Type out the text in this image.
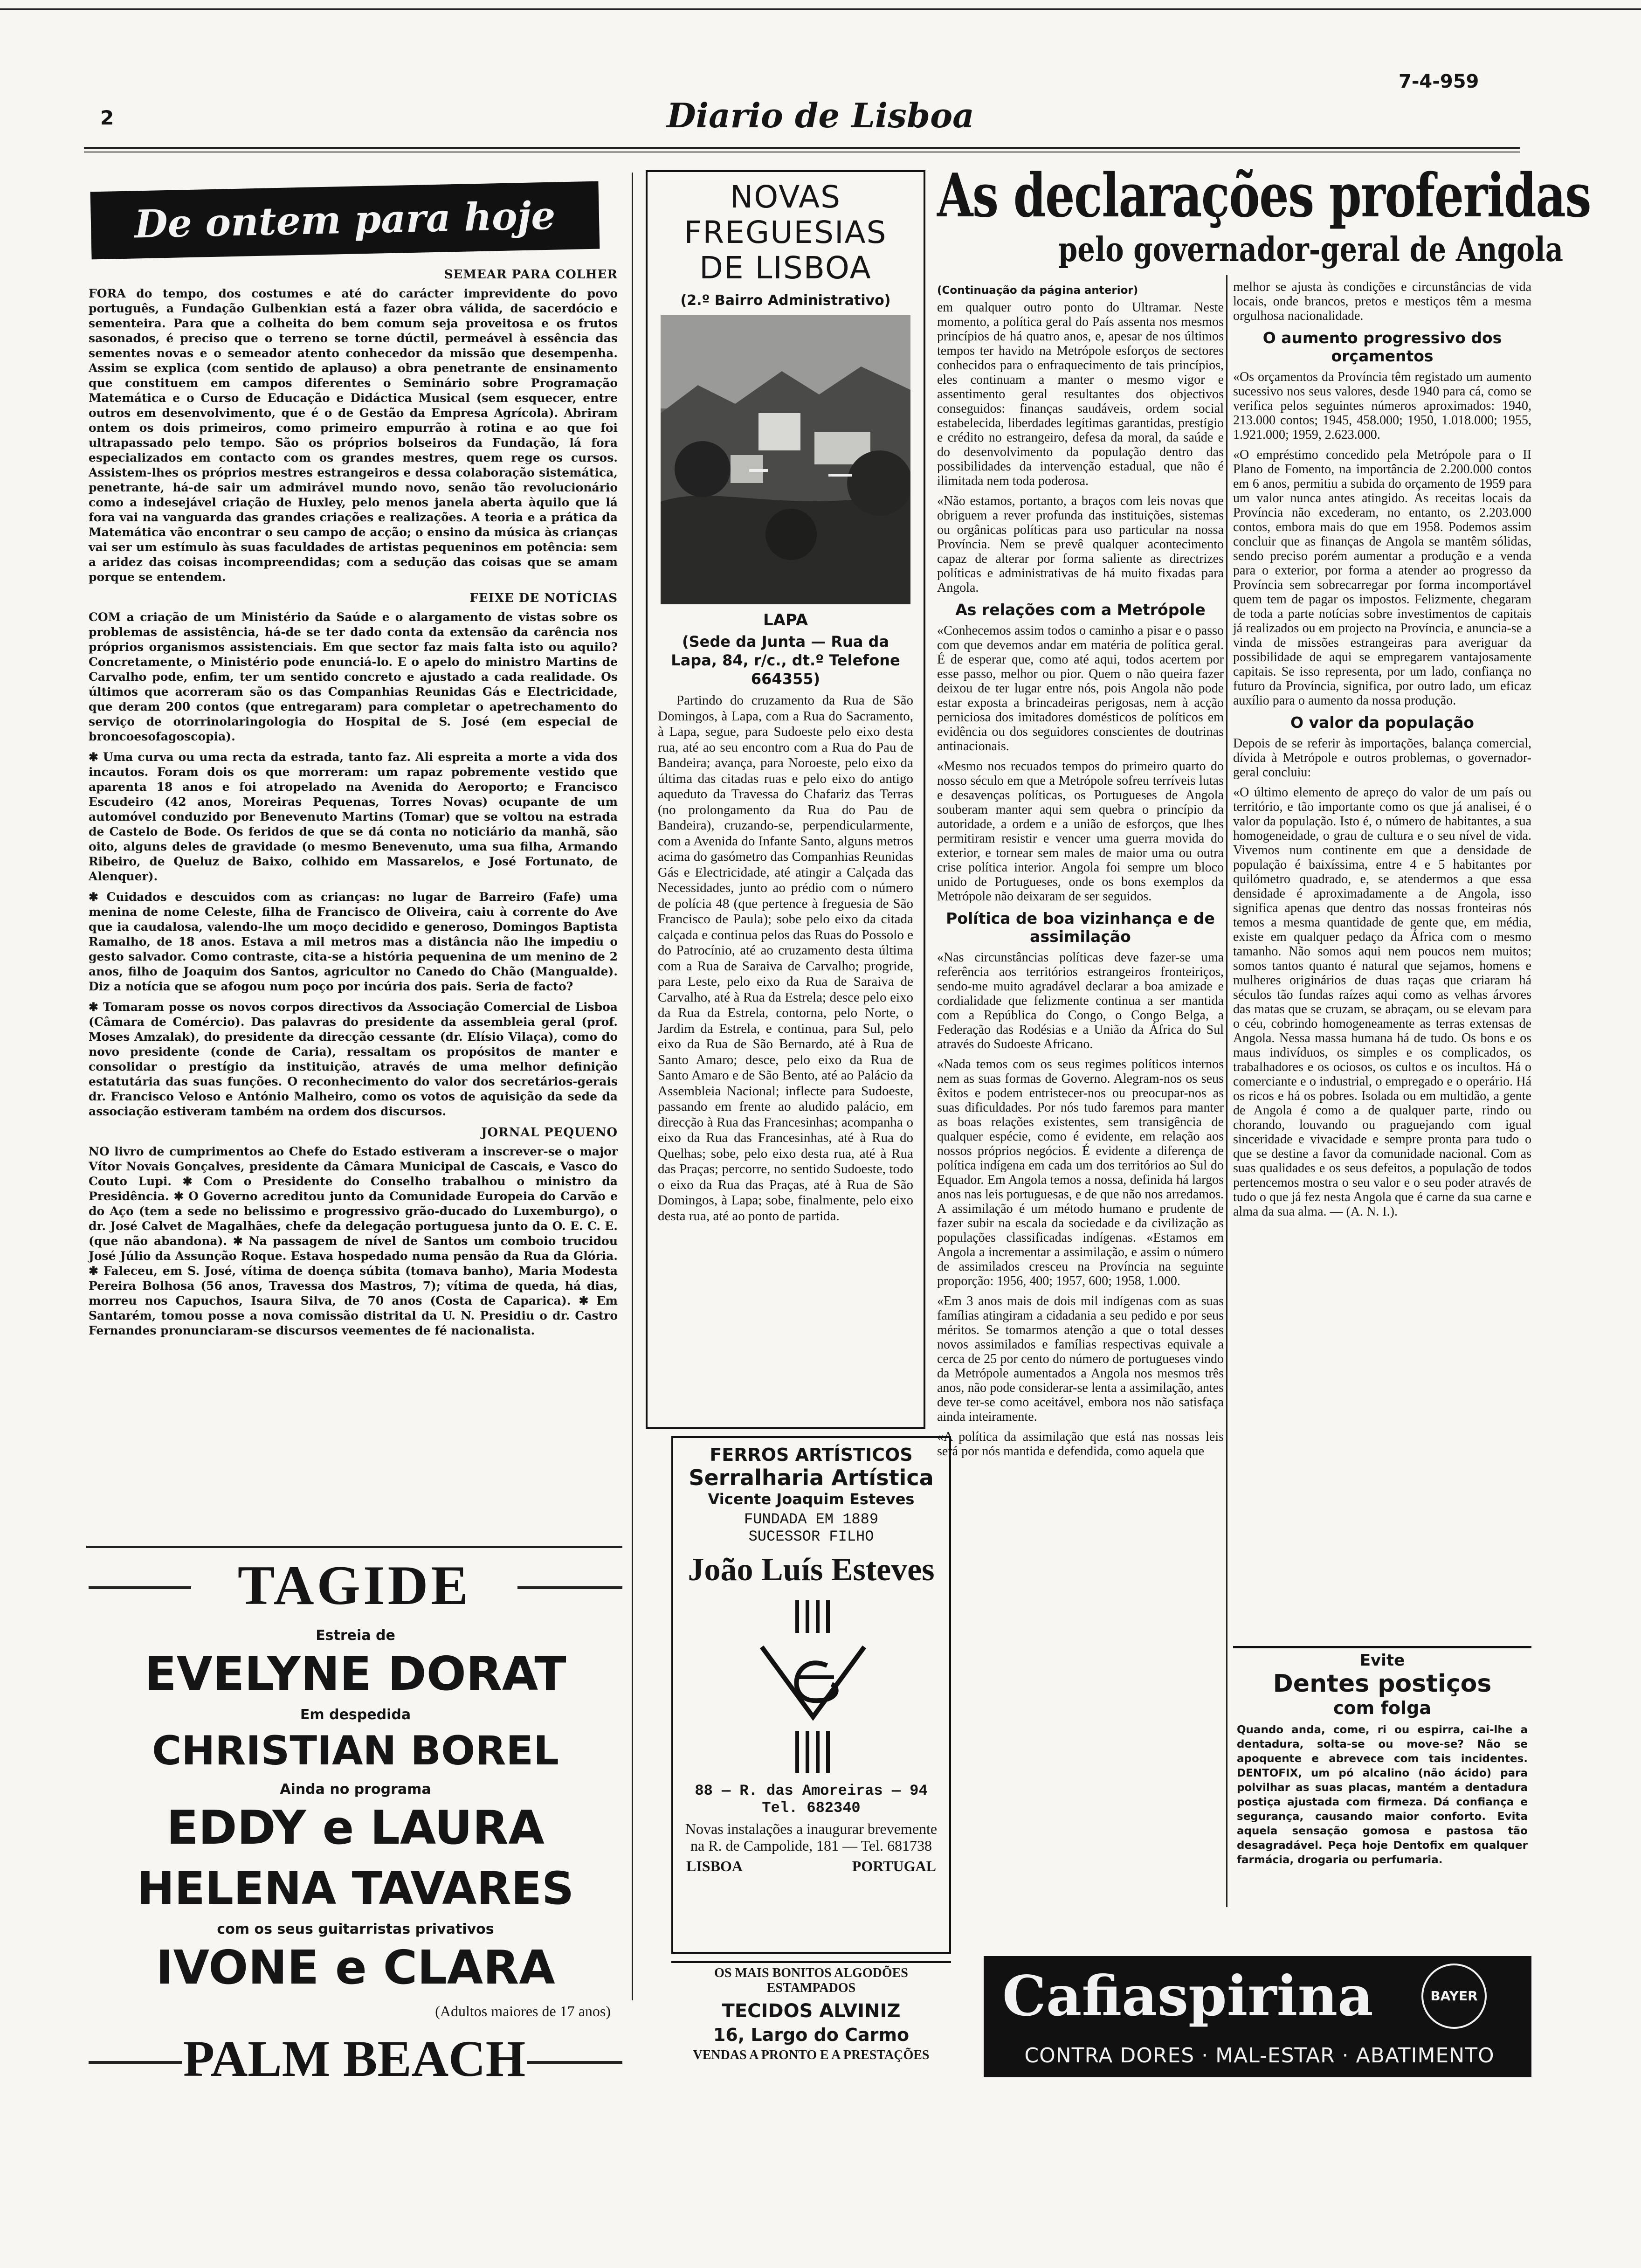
2	Diario de Lisboa
7-4-959
De ontem para hoje
SEMEAR PARA COLHER

FORA do tempo, dos costumes e até do carácter imprevidente do povo português, a Fundação Gulbenkian está a fazer obra válida, de sacerdócio e sementeira. Para que a colheita do bem comum seja proveitosa e os frutos sasonados, é preciso que o terreno se torne dúctil, permeável à essência das sementes novas e o semeador atento conhecedor da missão que desempenha. Assim se explica (com sentido de aplauso) a obra penetrante de ensinamento que constituem em campos diferentes o Seminário sobre Programação Matemática e o Curso de Educação e Didáctica Musical (sem esquecer, entre outros em desenvolvimento, que é o de Gestão da Empresa Agrícola). Abriram ontem os dois primeiros, como primeiro empurrão à rotina e ao que foi ultrapassado pelo tempo. São os próprios bolseiros da Fundação, lá fora especializados em contacto com os grandes mestres, quem rege os cursos. Assistem-lhes os próprios mestres estrangeiros e dessa colaboração sistemática, penetrante, há-de sair um admirável mundo novo, senão tão revolucionário como a indesejável criação de Huxley, pelo menos janela aberta àquilo que lá fora vai na vanguarda das grandes criações e realizações. A teoria e a prática da Matemática vão encontrar o seu campo de acção; o ensino da música às crianças vai ser um estímulo às suas faculdades de artistas pequeninos em potência: sem a aridez das coisas incompreendidas; com a sedução das coisas que se amam porque se entendem.

FEIXE DE NOTÍCIAS

COM a criação de um Ministério da Saúde e o alargamento de vistas sobre os problemas de assistência, há-de se ter dado conta da extensão da carência nos próprios organismos assistenciais. Em que sector faz mais falta isto ou aquilo? Concretamente, o Ministério pode enunciá-lo. E o apelo do ministro Martins de Carvalho pode, enfim, ter um sentido concreto e ajustado a cada realidade. Os últimos que acorreram são os das Companhias Reunidas Gás e Electricidade, que deram 200 contos (que entregaram) para completar o apetrechamento do serviço de otorrinolaringologia do Hospital de S. José (em especial de broncoesofagoscopia).

✱ Uma curva ou uma recta da estrada, tanto faz. Ali espreita a morte a vida dos incautos. Foram dois os que morreram: um rapaz pobremente vestido que aparenta 18 anos e foi atropelado na Avenida do Aeroporto; e Francisco Escudeiro (42 anos, Moreiras Pequenas, Torres Novas) ocupante de um automóvel conduzido por Benevenuto Martins (Tomar) que se voltou na estrada de Castelo de Bode. Os feridos de que se dá conta no noticiário da manhã, são oito, alguns deles de gravidade (o mesmo Benevenuto, uma sua filha, Armando Ribeiro, de Queluz de Baixo, colhido em Massarelos, e José Fortunato, de Alenquer).

✱ Cuidados e descuidos com as crianças: no lugar de Barreiro (Fafe) uma menina de nome Celeste, filha de Francisco de Oliveira, caiu à corrente do Ave que ia caudalosa, valendo-lhe um moço decidido e generoso, Domingos Baptista Ramalho, de 18 anos. Estava a mil metros mas a distância não lhe impediu o gesto salvador. Como contraste, cita-se a história pequenina de um menino de 2 anos, filho de Joaquim dos Santos, agricultor no Canedo do Chão (Mangualde). Diz a notícia que se afogou num poço por incúria dos pais. Seria de facto?

✱ Tomaram posse os novos corpos directivos da Associação Comercial de Lisboa (Câmara de Comércio). Das palavras do presidente da assembleia geral (prof. Moses Amzalak), do presidente da direcção cessante (dr. Elísio Vilaça), como do novo presidente (conde de Caria), ressaltam os propósitos de manter e consolidar o prestígio da instituição, através de uma melhor definição estatutária das suas funções. O reconhecimento do valor dos secretários-gerais dr. Francisco Veloso e António Malheiro, como os votos de aquisição da sede da associação estiveram também na ordem dos discursos.

JORNAL PEQUENO

NO livro de cumprimentos ao Chefe do Estado estiveram a inscrever-se o major Vítor Novais Gonçalves, presidente da Câmara Municipal de Cascais, e Vasco do Couto Lupi. ✱ Com o Presidente do Conselho trabalhou o ministro da Presidência. ✱ O Governo acreditou junto da Comunidade Europeia do Carvão e do Aço (tem a sede no belissimo e progressivo grão-ducado do Luxemburgo), o dr. José Calvet de Magalhães, chefe da delegação portuguesa junto da O. E. C. E. (que não abandona). ✱ Na passagem de nível de Santos um comboio trucidou José Júlio da Assunção Roque. Estava hospedado numa pensão da Rua da Glória. ✱ Faleceu, em S. José, vítima de doença súbita (tomava banho), Maria Modesta Pereira Bolhosa (56 anos, Travessa dos Mastros, 7); vítima de queda, há dias, morreu nos Capuchos, Isaura Silva, de 70 anos (Costa de Caparica). ✱ Em Santarém, tomou posse a nova comissão distrital da U. N. Presidiu o dr. Castro Fernandes pronunciaram-se discursos veementes de fé nacionalista.

TAGIDE
Estreia de
EVELYNE DORAT
Em despedida
CHRISTIAN BOREL
Ainda no programa
EDDY e LAURA
HELENA TAVARES
com os seus guitarristas privativos
IVONE e CLARA
(Adultos maiores de 17 anos)
PALM BEACH
NOVAS
FREGUESIAS
DE LISBOA
(2.º Bairro Administrativo)
LAPA
(Sede da Junta — Rua da Lapa, 84, r/c., dt.º Telefone 664355)

Partindo do cruzamento da Rua de São Domingos, à Lapa, com a Rua do Sacramento, à Lapa, segue, para Sudoeste pelo eixo desta rua, até ao seu encontro com a Rua do Pau de Bandeira; avança, para Noroeste, pelo eixo da última das citadas ruas e pelo eixo do antigo aqueduto da Travessa do Chafariz das Terras (no prolongamento da Rua do Pau de Bandeira), cruzando-se, perpendicularmente, com a Avenida do Infante Santo, alguns metros acima do gasómetro das Companhias Reunidas Gás e Electricidade, até atingir a Calçada das Necessidades, junto ao prédio com o número de polícia 48 (que pertence à freguesia de São Francisco de Paula); sobe pelo eixo da citada calçada e continua pelos das Ruas do Possolo e do Patrocínio, até ao cruzamento desta última com a Rua de Saraiva de Carvalho; progride, para Leste, pelo eixo da Rua de Saraiva de Carvalho, até à Rua da Estrela; desce pelo eixo da Rua da Estrela, contorna, pelo Norte, o Jardim da Estrela, e continua, para Sul, pelo eixo da Rua de São Bernardo, até à Rua de Santo Amaro; desce, pelo eixo da Rua de Santo Amaro e de São Bento, até ao Palácio da Assembleia Nacional; inflecte para Sudoeste, passando em frente ao aludido palácio, em direcção à Rua das Francesinhas; acompanha o eixo da Rua das Francesinhas, até à Rua do Quelhas; sobe, pelo eixo desta rua, até à Rua das Praças; percorre, no sentido Sudoeste, todo o eixo da Rua das Praças, até à Rua de São Domingos, à Lapa; sobe, finalmente, pelo eixo desta rua, até ao ponto de partida.

FERROS ARTÍSTICOS
Serralharia Artística
Vicente Joaquim Esteves
FUNDADA EM 1889
SUCESSOR FILHO
João Luís Esteves
88 — R. das Amoreiras — 94
Tel. 682340
Novas instalações a inaugurar brevemente na R. de Campolide, 181 — Tel. 681738
LISBOA	PORTUGAL
OS MAIS BONITOS ALGODÕES ESTAMPADOS
TECIDOS ALVINIZ
16, Largo do Carmo
VENDAS A PRONTO E A PRESTAÇÕES
As declarações proferidas
pelo governador-geral de Angola
(Continuação da página anterior)

em qualquer outro ponto do Ultramar. Neste momento, a política geral do País assenta nos mesmos princípios de há quatro anos, e, apesar de nos últimos tempos ter havido na Metrópole esforços de sectores conhecidos para o enfraquecimento de tais princípios, eles continuam a manter o mesmo vigor e assentimento geral resultantes dos objectivos conseguidos: finanças saudáveis, ordem social estabelecida, liberdades legítimas garantidas, prestígio e crédito no estrangeiro, defesa da moral, da saúde e do desenvolvimento da população dentro das possibilidades da intervenção estadual, que não é ilimitada nem toda poderosa.

«Não estamos, portanto, a braços com leis novas que obriguem a rever profunda das instituições, sistemas ou orgânicas políticas para uso particular na nossa Província. Nem se prevê qualquer acontecimento capaz de alterar por forma saliente as directrizes políticas e administrativas de há muito fixadas para Angola.

As relações com a Metrópole

«Conhecemos assim todos o caminho a pisar e o passo com que devemos andar em matéria de política geral. É de esperar que, como até aqui, todos acertem por esse passo, melhor ou pior. Quem o não queira fazer deixou de ter lugar entre nós, pois Angola não pode estar exposta a brincadeiras perigosas, nem à acção perniciosa dos imitadores domésticos de políticos em evidência ou dos seguidores conscientes de doutrinas antinacionais.

«Mesmo nos recuados tempos do primeiro quarto do nosso século em que a Metrópole sofreu terríveis lutas e desavenças políticas, os Portugueses de Angola souberam manter aqui sem quebra o princípio da autoridade, a ordem e a união de esforços, que lhes permitiram resistir e vencer uma guerra movida do exterior, e tornear sem males de maior uma ou outra crise política interior. Angola foi sempre um bloco unido de Portugueses, onde os bons exemplos da Metrópole não deixaram de ser seguidos.

Política de boa vizinhança e de assimilação

«Nas circunstâncias políticas deve fazer-se uma referência aos territórios estrangeiros fronteiriços, sendo-me muito agradável declarar a boa amizade e cordialidade que felizmente continua a ser mantida com a República do Congo, o Congo Belga, a Federação das Rodésias e a União da África do Sul através do Sudoeste Africano.

«Nada temos com os seus regimes políticos internos nem as suas formas de Governo. Alegram-nos os seus êxitos e podem entristecer-nos ou preocupar-nos as suas dificuldades. Por nós tudo faremos para manter as boas relações existentes, sem transigência de qualquer espécie, como é evidente, em relação aos nossos próprios negócios. É evidente a diferença de política indígena em cada um dos territórios ao Sul do Equador. Em Angola temos a nossa, definida há largos anos nas leis portuguesas, e de que não nos arredamos. A assimilação é um método humano e prudente de fazer subir na escala da sociedade e da civilização as populações classificadas indígenas. «Estamos em Angola a incrementar a assimilação, e assim o número de assimilados cresceu na Província na seguinte proporção: 1956, 400; 1957, 600; 1958, 1.000.

«Em 3 anos mais de dois mil indígenas com as suas famílias atingiram a cidadania a seu pedido e por seus méritos. Se tomarmos atenção a que o total desses novos assimilados e famílias respectivas equivale a cerca de 25 por cento do número de portugueses vindo da Metrópole aumentados a Angola nos mesmos três anos, não pode considerar-se lenta a assimilação, antes deve ter-se como aceitável, embora nos não satisfaça ainda inteiramente.

«A política da assimilação que está nas nossas leis será por nós mantida e defendida, como aquela que

melhor se ajusta às condições e circunstâncias de vida locais, onde brancos, pretos e mestiços têm a mesma orgulhosa nacionalidade.

O aumento progressivo dos orçamentos

«Os orçamentos da Província têm registado um aumento sucessivo nos seus valores, desde 1940 para cá, como se verifica pelos seguintes números aproximados: 1940, 213.000 contos; 1945, 458.000; 1950, 1.018.000; 1955, 1.921.000; 1959, 2.623.000.

«O empréstimo concedido pela Metrópole para o II Plano de Fomento, na importância de 2.200.000 contos em 6 anos, permitiu a subida do orçamento de 1959 para um valor nunca antes atingido. As receitas locais da Província não excederam, no entanto, os 2.203.000 contos, embora mais do que em 1958. Podemos assim concluir que as finanças de Angola se mantêm sólidas, sendo preciso porém aumentar a produção e a venda para o exterior, por forma a atender ao progresso da Província sem sobrecarregar por forma incomportável quem tem de pagar os impostos. Felizmente, chegaram de toda a parte notícias sobre investimentos de capitais já realizados ou em projecto na Província, e anuncia-se a vinda de missões estrangeiras para averiguar da possibilidade de aqui se empregarem vantajosamente capitais. Se isso representa, por um lado, confiança no futuro da Província, significa, por outro lado, um eficaz auxílio para o aumento da nossa produção.

O valor da população

Depois de se referir às importações, balança comercial, dívida à Metrópole e outros problemas, o governador-geral concluiu:

«O último elemento de apreço do valor de um país ou território, e tão importante como os que já analisei, é o valor da população. Isto é, o número de habitantes, a sua homogeneidade, o grau de cultura e o seu nível de vida. Vivemos num continente em que a densidade de população é baixíssima, entre 4 e 5 habitantes por quilómetro quadrado, e, se atendermos a que essa densidade é aproximadamente a de Angola, isso significa apenas que dentro das nossas fronteiras nós temos a mesma quantidade de gente que, em média, existe em qualquer pedaço da África com o mesmo tamanho. Não somos aqui nem poucos nem muitos; somos tantos quanto é natural que sejamos, homens e mulheres originários de duas raças que criaram há séculos tão fundas raízes aqui como as velhas árvores das matas que se cruzam, se abraçam, ou se elevam para o céu, cobrindo homogeneamente as terras extensas de Angola. Nessa massa humana há de tudo. Os bons e os maus indivíduos, os simples e os complicados, os trabalhadores e os ociosos, os cultos e os incultos. Há o comerciante e o industrial, o empregado e o operário. Há os ricos e há os pobres. Isolada ou em multidão, a gente de Angola é como a de qualquer parte, rindo ou chorando, louvando ou praguejando com igual sinceridade e vivacidade e sempre pronta para tudo o que se destine a favor da comunidade nacional. Com as suas qualidades e os seus defeitos, a população de todos pertencemos mostra o seu valor e o seu poder através de tudo o que já fez nesta Angola que é carne da sua carne e alma da sua alma. — (A. N. I.).

Evite
Dentes postiços
com folga

Quando anda, come, ri ou espirra, cai-lhe a dentadura, solta-se ou move-se? Não se apoquente e abrevece com tais incidentes. DENTOFIX, um pó alcalino (não ácido) para polvilhar as suas placas, mantém a dentadura postiça ajustada com firmeza. Dá confiança e segurança, causando maior conforto. Evita aquela sensação gomosa e pastosa tão desagradável. Peça hoje Dentofix em qualquer farmácia, drogaria ou perfumaria.

Cafiaspirina	BAYER
CONTRA DORES · MAL-ESTAR · ABATIMENTO
